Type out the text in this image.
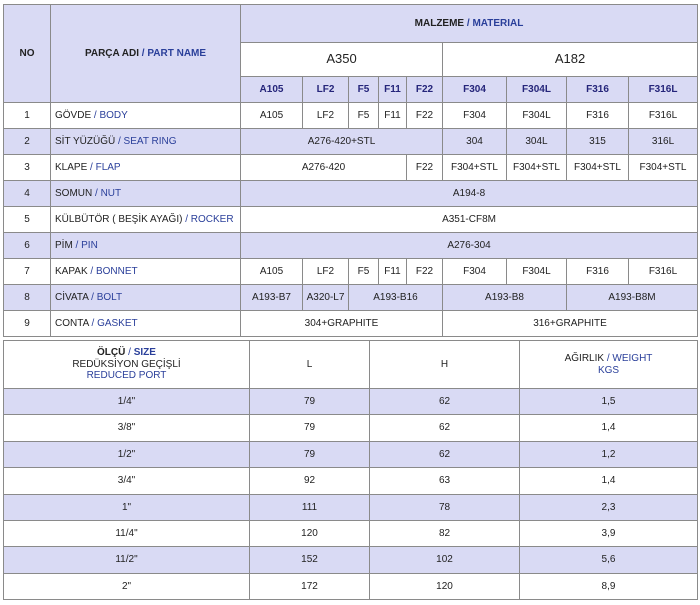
NO	PARÇA ADI / PART NAME	MALZEME / MATERIAL								
		A350					A182			
		A105	LF2	F5	F11	F22	F304	F304L	F316	F316L
1	GÖVDE / BODY	A105	LF2	F5	F11	F22	F304	F304L	F316	F316L
2	SİT YÜZÜĞÜ / SEAT RING	A276-420+STL					304	304L	315	316L
3	KLAPE / FLAP	A276-420				F22	F304+STL	F304+STL	F304+STL	F304+STL
4	SOMUN / NUT	A194-8								
5	KÜLBÜTÖR ( BEŞİK AYAĞI) / ROCKER	A351-CF8M								
6	PİM / PIN	A276-304								
7	KAPAK / BONNET	A105	LF2	F5	F11	F22	F304	F304L	F316	F316L
8	CİVATA / BOLT	A193-B7	A320-L7	A193-B16			A193-B8		A193-B8M	
9	CONTA / GASKET	304+GRAPHITE					316+GRAPHITE			
ÖLÇÜ / SIZE
REDÜKSİYON GEÇİŞLİ
REDUCED PORT	L	H	AĞIRLIK / WEIGHT
KGS

1/4"	79	62	1,5
3/8"	79	62	1,4
1/2"	79	62	1,2
3/4"	92	63	1,4
1"	111	78	2,3
11/4"	120	82	3,9
11/2"	152	102	5,6
2"	172	120	8,9
